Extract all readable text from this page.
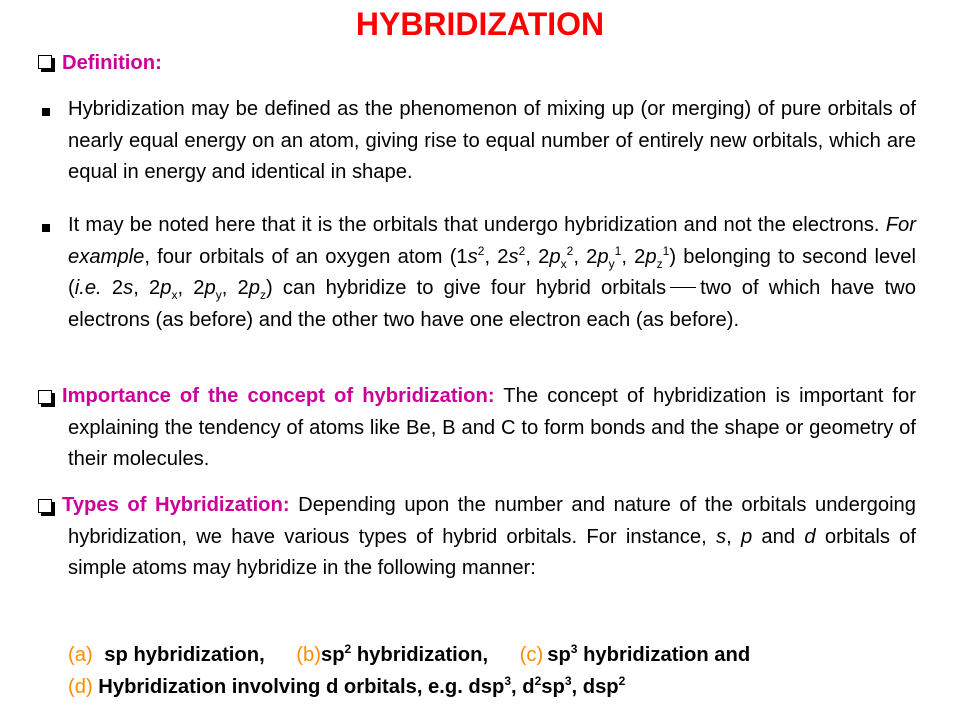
HYBRIDIZATION
Definition:
Hybridization may be defined as the phenomenon of mixing up (or merging) of pure orbitals of nearly equal energy on an atom, giving rise to equal number of entirely new orbitals, which are equal in energy and identical in shape.
It may be noted here that it is the orbitals that undergo hybridization and not the electrons. For example, four orbitals of an oxygen atom ($1s^2$, $2s^2$, $2p_x^2$, $2p_y^1$, $2p_z^1$) belonging to second level (i.e. 2s, $2p_x$, $2p_y$, $2p_z$) can hybridize to give four hybrid orbitals two of which have two electrons (as before) and the other two have one electron each (as before).
Importance of the concept of hybridization: The concept of hybridization is important for explaining the tendency of atoms like Be, B and C to form bonds and the shape or geometry of their molecules.
Types of Hybridization: Depending upon the number and nature of the orbitals undergoing hybridization, we have various types of hybrid orbitals. For instance, s, p and d orbitals of simple atoms may hybridize in the following manner:
(a) sp hybridization, $(b)sp^2$ hybridization, (c) $sp^3$ hybridization and
(d) Hybridization involving d orbitals, e.g. dsp$^3$, $d^2sp^3$, dsp$^2$
